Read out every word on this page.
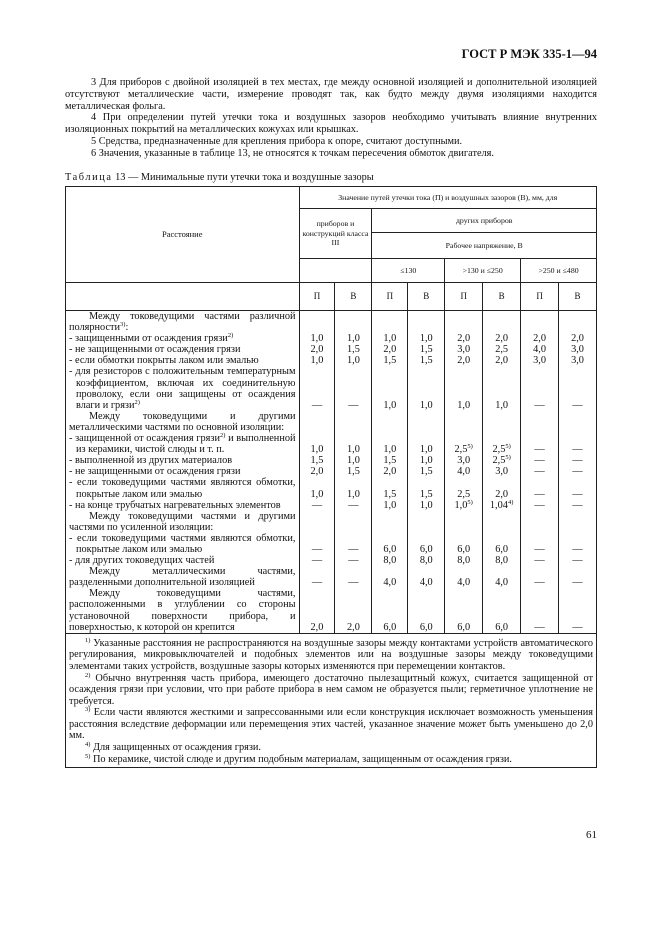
ГОСТ Р МЭК 335-1—94

3 Для приборов с двойной изоляцией в тех местах, где между основной изоляцией и дополнительной изоляцией отсутствуют металлические части, измерение проводят так, как будто между двумя изоляциями находится металлическая фольга.

4 При определении путей утечки тока и воздушных зазоров необходимо учитывать влияние внутренних изоляционных покрытий на металлических кожухах или крышках.

5 Средства, предназначенные для крепления прибора к опоре, считают доступными.

6 Значения, указанные в таблице 13, не относятся к точкам пересечения обмоток двигателя.

Таблица 13 — Минимальные пути утечки тока и воздушные зазоры
Расстояние	Значение путей утечки тока (П) и воздушных зазоров (В), мм, для							
	приборов и конструкций класса III		других приборов					
			Рабочее напряжение, В					
			≤130		>130 и ≤250		>250 и ≤480	
	П	В	П	В	П	В	П	В
Между токоведущими частями различной полярности$^{3)}$:								
- защищенными от осаждения грязи$^{2)}$	1,0	1,0	1,0	1,0	2,0	2,0	2,0	2,0
- не защищенными от осаждения грязи	2,0	1,5	2,0	1,5	3,0	2,5	4,0	3,0
- если обмотки покрыты лаком или эмалью	1,0	1,0	1,5	1,5	2,0	2,0	3,0	3,0
- для резисторов с положительным температурным коэффициентом, включая их соединительную проволоку, если они защищены от осаждения влаги и грязи$^{2)}$	—	—	1,0	1,0	1,0	1,0	—	—
Между токоведущими и другими металлическими частями по основной изоляции:								
- защищенной от осаждения грязи$^{2)}$ и выполненной из керамики, чистой слюды и т. п.	1,0	1,0	1,0	1,0	2,5$^{5)}$	2,5$^{5)}$	—	—
- выполненной из других материалов	1,5	1,0	1,5	1,0	3,0	2,5$^{5)}$	—	—
- не защищенными от осаждения грязи	2,0	1,5	2,0	1,5	4,0	3,0	—	—
- если токоведущими частями являются обмотки, покрытые лаком или эмалью	1,0	1,0	1,5	1,5	2,5	2,0	—	—
- на конце трубчатых нагревательных элементов	—	—	1,0	1,0	1,0$^{5)}$	1,04$^{4)}$	—	—
Между токоведущими частями и другими частями по усиленной изоляции:								
- если токоведущими частями являются обмотки, покрытые лаком или эмалью	—	—	6,0	6,0	6,0	6,0	—	—
- для других токоведущих частей	—	—	8,0	8,0	8,0	8,0	—	—
Между металлическими частями, разделенными дополнительной изоляцией	—	—	4,0	4,0	4,0	4,0	—	—
Между токоведущими частями, расположенными в углублении со стороны установочной поверхности прибора, и поверхностью, к которой он крепится	2,0	2,0	6,0	6,0	6,0	6,0	—	—

$^{1)}$ Указанные расстояния не распространяются на воздушные зазоры между контактами устройств автоматического регулирования, микровыключателей и подобных элементов или на воздушные зазоры между токоведущими элементами таких устройств, воздушные зазоры которых изменяются при перемещении контактов.

$^{2)}$ Обычно внутренняя часть прибора, имеющего достаточно пылезащитный кожух, считается защищенной от осаждения грязи при условии, что при работе прибора в нем самом не образуется пыли; герметичное уплотнение не требуется.

$^{3)}$ Если части являются жесткими и запрессованными или если конструкция исключает возможность уменьшения расстояния вследствие деформации или перемещения этих частей, указанное значение может быть уменьшено до 2,0 мм.

$^{4)}$ Для защищенных от осаждения грязи.

$^{5)}$ По керамике, чистой слюде и другим подобным материалам, защищенным от осаждения грязи.								

61
